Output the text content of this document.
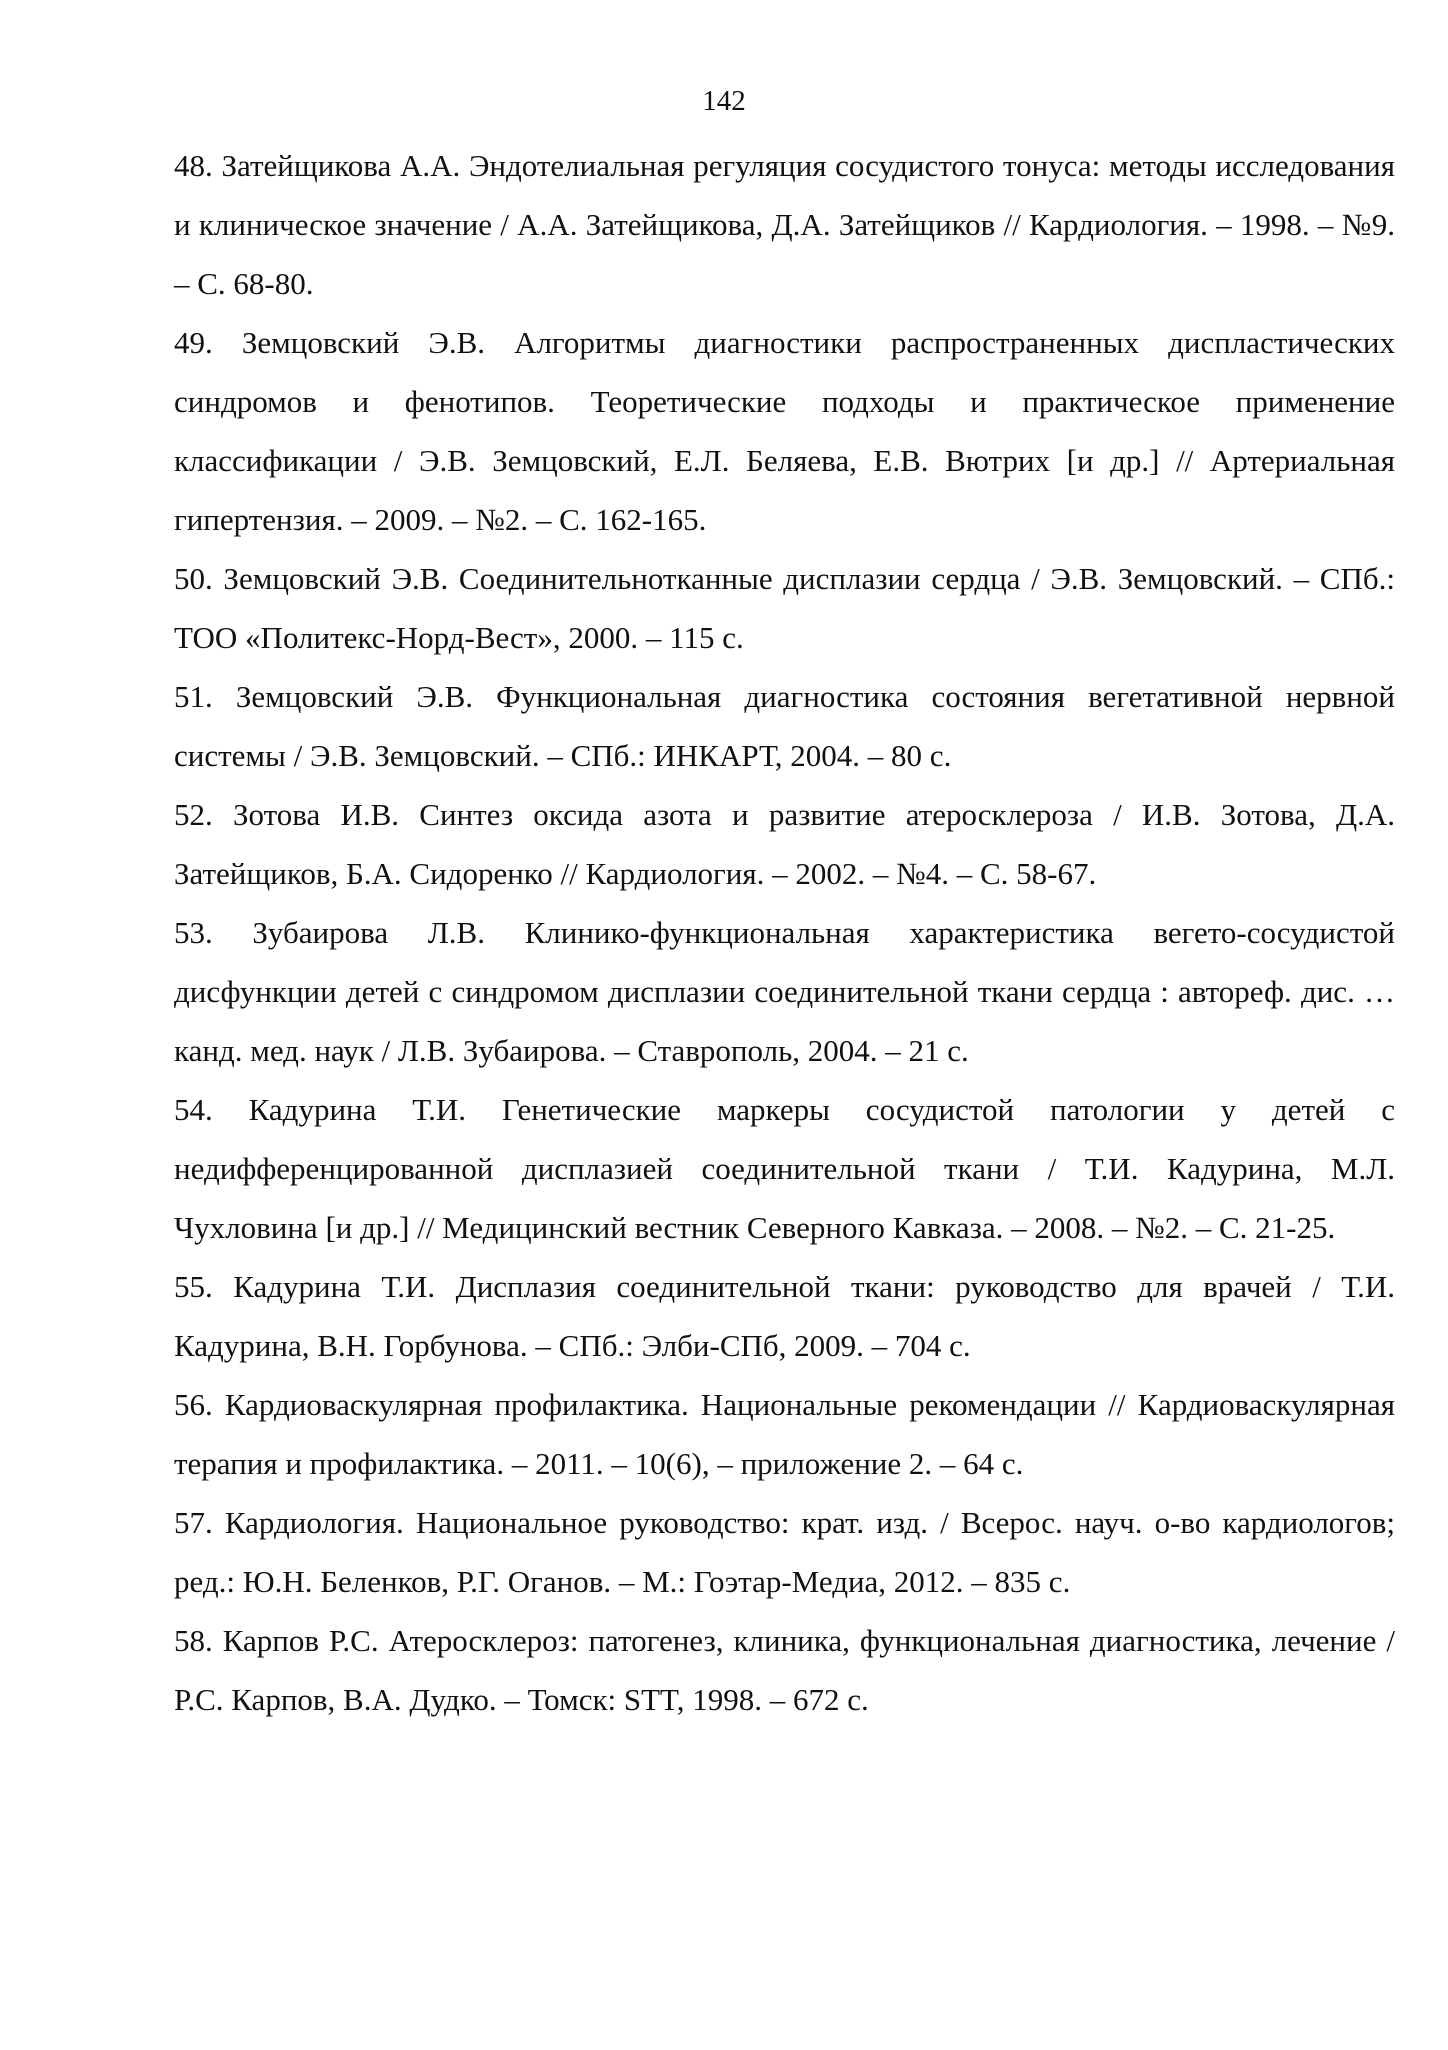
142

48. Затейщикова А.А. Эндотелиальная регуляция сосудистого тонуса: методы исследования и клиническое значение / А.А. Затейщикова, Д.А. Затейщиков // Кардиология. – 1998. – №9. – С. 68-80.

49. Земцовский Э.В. Алгоритмы диагностики распространенных диспластических синдромов и фенотипов. Теоретические подходы и практическое применение классификации / Э.В. Земцовский, Е.Л. Беляева, Е.В. Вютрих [и др.] // Артериальная гипертензия. – 2009. – №2. – С. 162-165.

50. Земцовский Э.В. Соединительнотканные дисплазии сердца / Э.В. Земцовский. – СПб.: ТОО «Политекс-Норд-Вест», 2000. – 115 с.

51. Земцовский Э.В. Функциональная диагностика состояния вегетативной нервной системы / Э.В. Земцовский. – СПб.: ИНКАРТ, 2004. – 80 с.

52. Зотова И.В. Синтез оксида азота и развитие атеросклероза / И.В. Зотова, Д.А. Затейщиков, Б.А. Сидоренко // Кардиология. – 2002. – №4. – С. 58-67.

53. Зубаирова Л.В. Клинико-функциональная характеристика вегето-сосудистой дисфункции детей с синдромом дисплазии соединительной ткани сердца : автореф. дис. …канд. мед. наук / Л.В. Зубаирова. – Ставрополь, 2004. – 21 с.

54. Кадурина Т.И. Генетические маркеры сосудистой патологии у детей с недифференцированной дисплазией соединительной ткани / Т.И. Кадурина, М.Л. Чухловина [и др.] // Медицинский вестник Северного Кавказа. – 2008. – №2. – С. 21-25.

55. Кадурина Т.И. Дисплазия соединительной ткани: руководство для врачей / Т.И. Кадурина, В.Н. Горбунова. – СПб.: Элби-СПб, 2009. – 704 с.

56. Кардиоваскулярная профилактика. Национальные рекомендации // Кардиоваскулярная терапия и профилактика. – 2011. – 10(6), – приложение 2. – 64 с.

57. Кардиология. Национальное руководство: крат. изд. / Всерос. науч. о-во кардиологов; ред.: Ю.Н. Беленков, Р.Г. Оганов. – М.: Гоэтар-Медиа, 2012. – 835 с.

58. Карпов Р.С. Атеросклероз: патогенез, клиника, функциональная диагностика, лечение / Р.С. Карпов, В.А. Дудко. – Томск: STT, 1998. – 672 с.
